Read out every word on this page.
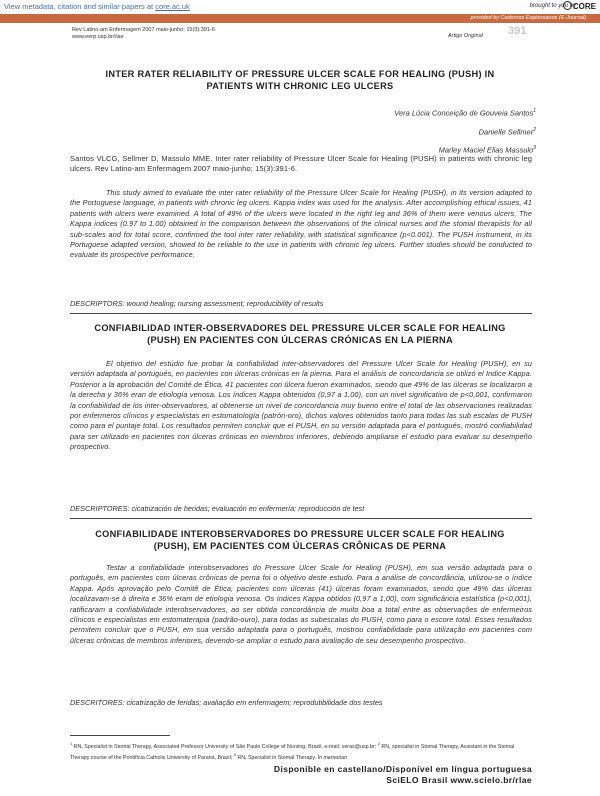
View metadata, citation and similar papers at core.ac.uk	brought to you by
CORE
provided by Cadernos Espinosanos (E-Journal)
Rev Latino-am Enfermagem 2007 maio-junho; 15(3):391-6
www.eerp.usp.br/rlae	Artigo Original 391
INTER RATER RELIABILITY OF PRESSURE ULCER SCALE FOR HEALING (PUSH) IN
PATIENTS WITH CHRONIC LEG ULCERS
Vera Lúcia Conceição de Gouveia Santos$^1$
Danielle Sellmer$^2$
Marley Maciel Elias Massulo$^3$
Santos VLCG, Sellmer D, Massulo MME. Inter rater reliability of Pressure Ulcer Scale for Healing (PUSH) in patients with chronic leg ulcers. Rev Latino-am Enfermagem 2007 maio-junho; 15(3):391-6.
This study aimed to evaluate the inter rater reliability of the Pressure Ulcer Scale for Healing (PUSH), in its version adapted to the Portuguese language, in patients with chronic leg ulcers. Kappa index was used for the analysis. After accomplishing ethical issues, 41 patients with ulcers were examined. A total of 49% of the ulcers were located in the right leg and 36% of them were venous ulcers. The Kappa indices (0.97 to 1.00) obtained in the comparison between the observations of the clinical nurses and the stomal therapists for all sub-scales and for total score, confirmed the tool inter rater reliability, with statistical significance (p<0.001). The PUSH instrument, in its Portuguese adapted version, showed to be reliable to the use in patients with chronic leg ulcers. Further studies should be conducted to evaluate its prospective performance.
DESCRIPTORS: wound healing; nursing assessment; reproducibility of results
CONFIABILIDAD INTER-OBSERVADORES DEL PRESSURE ULCER SCALE FOR HEALING
(PUSH) EN PACIENTES CON ÚLCERAS CRÓNICAS EN LA PIERNA
El objetivo del estúdio fue probar la confiabilidad inter-observadores del Pressure Ulcer Scale for Healing (PUSH), en su versión adaptada al portugués, en pacientes con úlceras crónicas en la pierna. Para el análisis de concordancia se utilizó el Indice Kappa. Posterior a la aprobación del Comité de Ética, 41 pacientes con úlcera fueron examinados, siendo que 49% de las úlceras se localizaron a la derecha y 36% eran de etiología venosa. Los índices Kappa obtenidos (0,97 a 1,00), con un nivel significativo de p<0,001, confirmaron la confiabilidad de los inter-observadores, al obtenerse un nivel de concordancia muy bueno entre el total de las observaciones realizadas por enfermeros clínicos y especialistas en estomatología (patrón-oro), dichos valores obtenidos tanto para todas las sub escalas de PUSH como para el puntaje total. Los resultados permiten concluir que el PUSH, en su versión adaptada para el portugués, mostró confiabilidad para ser utilizado en pacientes con úlceras crónicas en miembros inferiores, debiendo ampliarse el estudio para evaluar su desempeño prospectivo.
DESCRIPTORES: cicatrización de heridas; evaluación en enfermería; reproducción de test
CONFIABILIDADE INTEROBSERVADORES DO PRESSURE ULCER SCALE FOR HEALING
(PUSH), EM PACIENTES COM ÚLCERAS CRÔNICAS DE PERNA
Testar a confiabilidade interobservadores do Pressure Ulcer Scale for Healing (PUSH), em sua versão adaptada para o português, em pacientes com úlceras crônicas de perna foi o objetivo deste estudo. Para a análise de concordância, utilizou-se o índice Kappa. Após aprovação pelo Comitê de Ética, pacientes com úlceras (41) úlceras foram examinados, sendo que 49% das úlceras localizavam-se à direita e 36% eram de etiologia venosa. Os índices Kappa obtidos (0,97 a 1,00), com significância estatística (p<0,001), ratificaram a confiabilidade interobservadores, ao ser obtida concordância de muito boa a total entre as observações de enfermeiros clínicos e especialistas em estomaterapia (padrão-ouro), para todas as subescalas do PUSH, como para o escore total. Esses resultados permitem concluir que o PUSH, em sua versão adaptada para o português, mostrou confiabilidade para utilização em pacientes com úlceras crônicas de membros inferiores, devendo-se ampliar o estudo para avaliação de seu desempenho prospectivo.
DESCRITORES: cicatrização de feridas; avaliação em enfermagem; reprodutibilidade dos testes
$^1$ RN, Specialist in Stomal Therapy, Associated Professor University of São Paulo College of Nursing, Brazil, e-mail: veras@usp.br; $^2$ RN, specialist in Stomal Therapy, Assistant in the Stomal Therapy course of the Pontifícia Catholic University of Paraná, Brazil; $^3$ RN, Specialist in Stomal Therapy. In memorian
Disponible en castellano/Disponível em língua portuguesa
SciELO Brasil www.scielo.br/rlae
